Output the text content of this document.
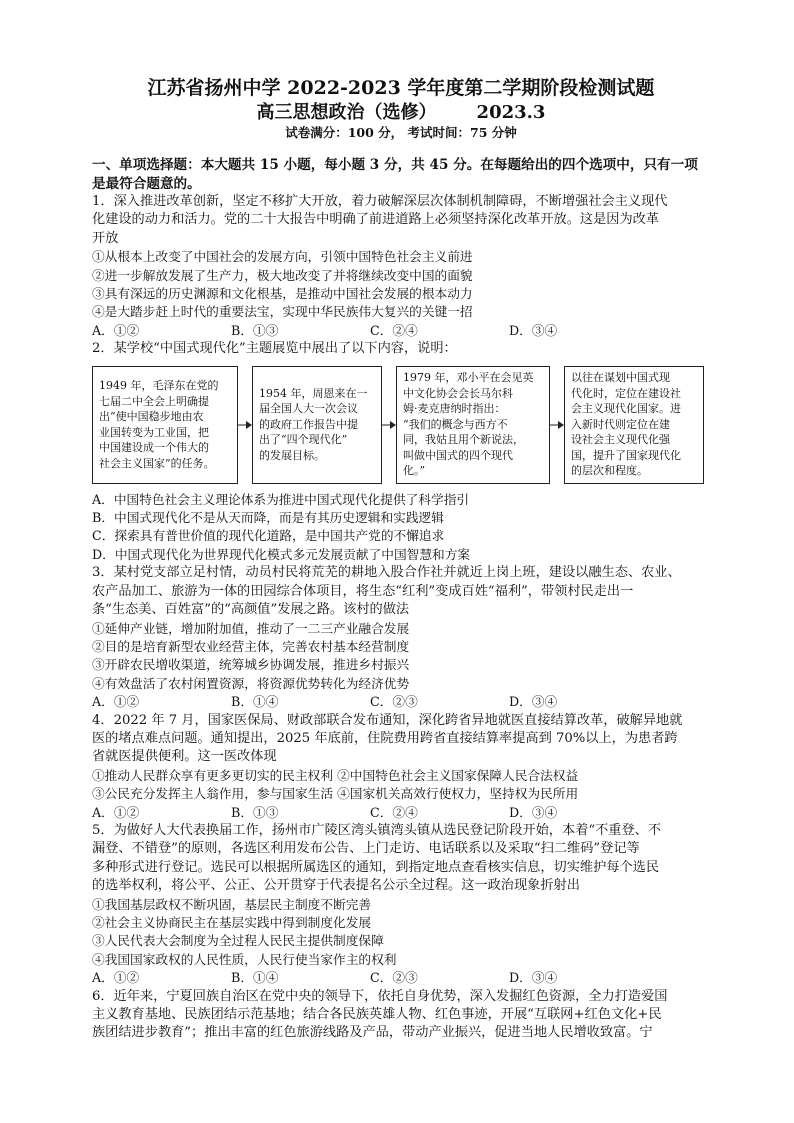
江苏省扬州中学 2022-2023 学年度第二学期阶段检测试题

高三思想政治（选修） 2023.3

试卷满分：100 分， 考试时间：75 分钟

一、单项选择题：本大题共 15 小题，每小题 3 分，共 45 分。在每题给出的四个选项中，只有一项

是最符合题意的。

1．深入推进改革创新，坚定不移扩大开放，着力破解深层次体制机制障碍，不断增强社会主义现代

化建设的动力和活力。党的二十大报告中明确了前进道路上必须坚持深化改革开放。这是因为改革

开放

①从根本上改变了中国社会的发展方向，引领中国特色社会主义前进

②进一步解放发展了生产力，极大地改变了并将继续改变中国的面貌

③具有深远的历史渊源和文化根基，是推动中国社会发展的根本动力

④是大踏步赶上时代的重要法宝，实现中华民族伟大复兴的关键一招

A．①②	B．①③	C．②④	D．③④

2．某学校“中国式现代化”主题展览中展出了以下内容，说明：

1949 年，毛泽东在党的
七届二中全会上明确提
出“使中国稳步地由农
业国转变为工业国，把
中国建设成一个伟大的
社会主义国家”的任务。
1954 年，周恩来在一
届全国人大一次会议
的政府工作报告中提
出了“四个现代化”
的发展目标。
1979 年，邓小平在会见英
中文化协会会长马尔科
姆·麦克唐纳时指出：
“我们的概念与西方不
同，我姑且用个新说法，
叫做中国式的四个现代
化。”
以往在谋划中国式现
代化时，定位在建设社
会主义现代化国家。进
入新时代则定位在建
设社会主义现代化强
国，提升了国家现代化
的层次和程度。

A．中国特色社会主义理论体系为推进中国式现代化提供了科学指引

B．中国式现代化不是从天而降，而是有其历史逻辑和实践逻辑

C．探索具有普世价值的现代化道路，是中国共产党的不懈追求

D．中国式现代化为世界现代化模式多元发展贡献了中国智慧和方案

3．某村党支部立足村情，动员村民将荒芜的耕地入股合作社并就近上岗上班，建设以融生态、农业、

农产品加工、旅游为一体的田园综合体项目，将生态“红利”变成百姓“福利”，带领村民走出一

条“生态美、百姓富”的“高颜值”发展之路。该村的做法

①延伸产业链，增加附加值，推动了一二三产业融合发展

②目的是培育新型农业经营主体，完善农村基本经营制度

③开辟农民增收渠道，统筹城乡协调发展，推进乡村振兴

④有效盘活了农村闲置资源，将资源优势转化为经济优势

A．①②	B．①④	C．②③	D．③④

4．2022 年 7 月，国家医保局、财政部联合发布通知，深化跨省异地就医直接结算改革，破解异地就

医的堵点难点问题。通知提出，2025 年底前，住院费用跨省直接结算率提高到 70%以上，为患者跨

省就医提供便利。这一医改体现

①推动人民群众享有更多更切实的民主权利 ②中国特色社会主义国家保障人民合法权益

③公民充分发挥主人翁作用，参与国家生活 ④国家机关高效行使权力，坚持权为民所用

A．①②	B．①③	C．②④	D．③④

5．为做好人大代表换届工作，扬州市广陵区湾头镇湾头镇从选民登记阶段开始，本着“不重登、不

漏登、不错登”的原则，各选区利用发布公告、上门走访、电话联系以及采取“扫二维码”登记等

多种形式进行登记。选民可以根据所属选区的通知，到指定地点查看核实信息，切实维护每个选民

的选举权利，将公平、公正、公开贯穿于代表提名公示全过程。这一政治现象折射出

①我国基层政权不断巩固，基层民主制度不断完善

②社会主义协商民主在基层实践中得到制度化发展

③人民代表大会制度为全过程人民民主提供制度保障

④我国国家政权的人民性质，人民行使当家作主的权利

A．①②	B．①④	C．②③	D．③④

6．近年来，宁夏回族自治区在党中央的领导下，依托自身优势，深入发掘红色资源，全力打造爱国

主义教育基地、民族团结示范基地；结合各民族英雄人物、红色事迹，开展“互联网+红色文化+民

族团结进步教育”；推出丰富的红色旅游线路及产品，带动产业振兴，促进当地人民增收致富。宁
